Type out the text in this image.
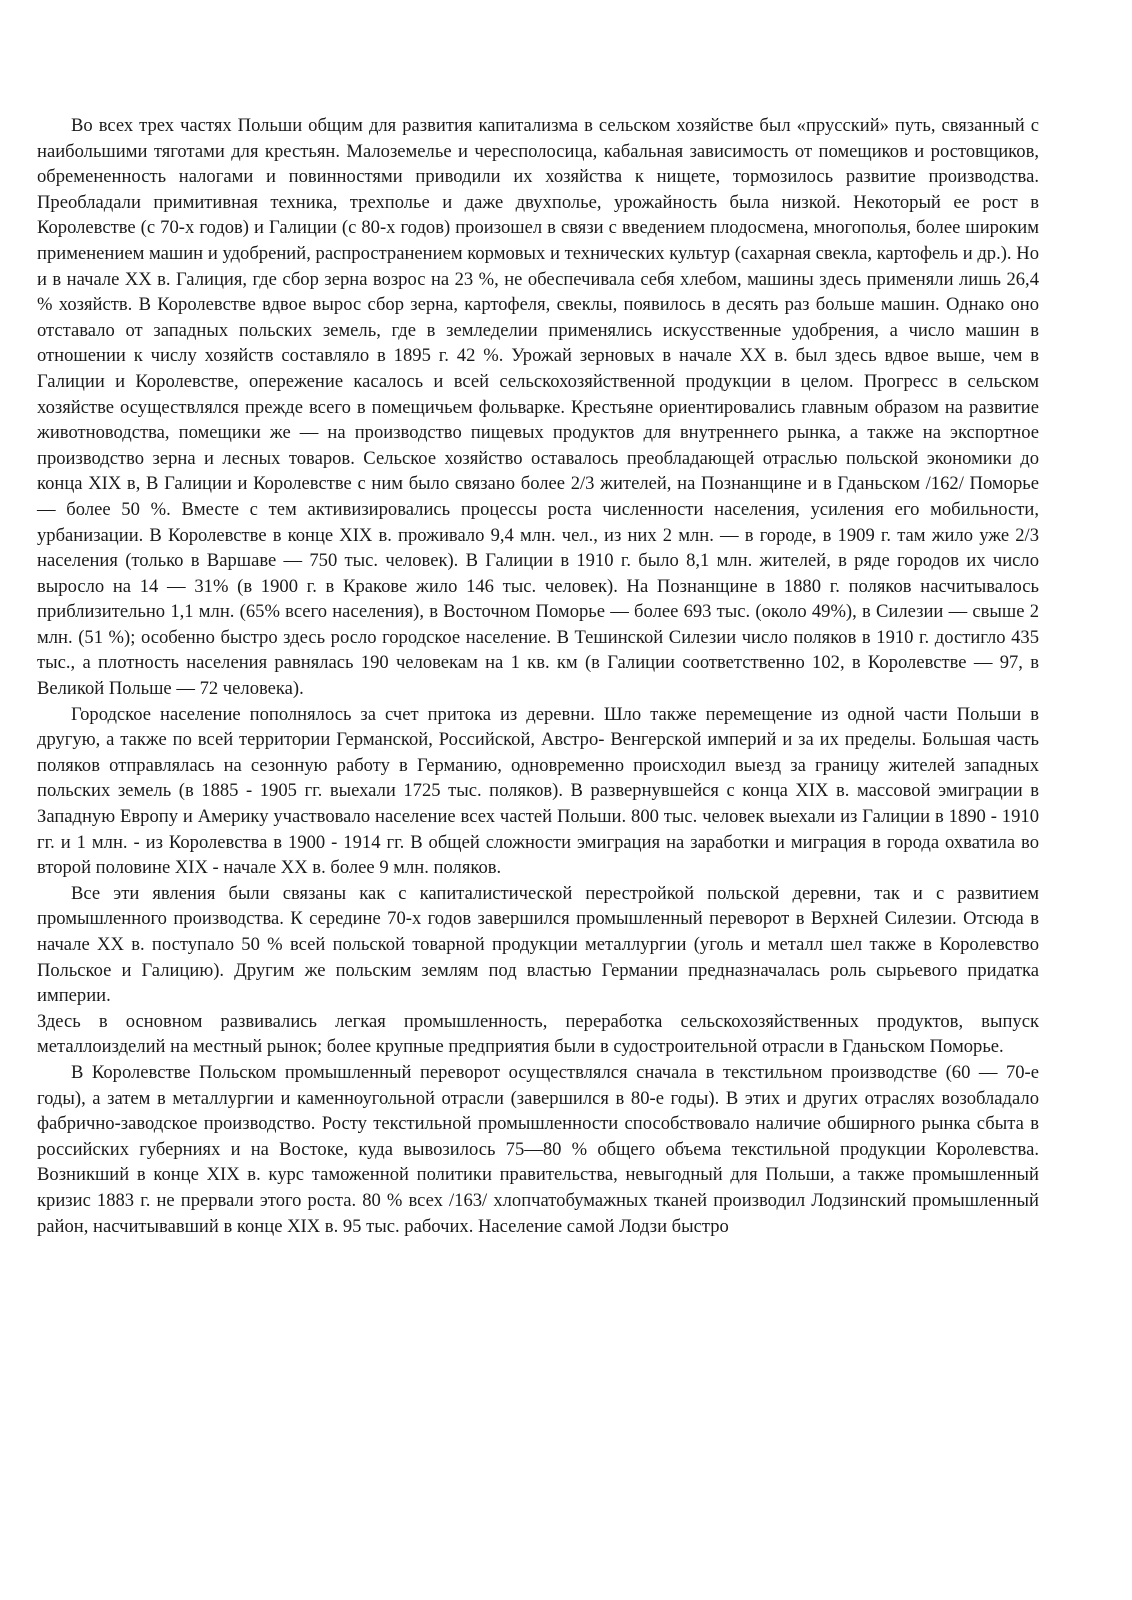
Во всех трех частях Польши общим для развития капитализма в сельском хозяйстве был «прусский» путь, связанный с наибольшими тяготами для крестьян. Малоземелье и чересполосица, кабальная зависимость от помещиков и ростовщиков, обремененность налогами и повинностями приводили их хозяйства к нищете, тормозилось развитие производства. Преобладали примитивная техника, трехполье и даже двухполье, урожайность была низкой. Некоторый ее рост в Королевстве (с 70-х годов) и Галиции (с 80-х годов) произошел в связи с введением плодосмена, многополья, более широким применением машин и удобрений, распространением кормовых и технических культур (сахарная свекла, картофель и др.). Но и в начале XX в. Галиция, где сбор зерна возрос на 23 %, не обеспечивала себя хлебом, машины здесь применяли лишь 26,4 % хозяйств. В Королевстве вдвое вырос сбор зерна, картофеля, свеклы, появилось в десять раз больше машин. Однако оно отставало от западных польских земель, где в земледелии применялись искусственные удобрения, а число машин в отношении к числу хозяйств составляло в 1895 г. 42 %. Урожай зерновых в начале XX в. был здесь вдвое выше, чем в Галиции и Королевстве, опережение касалось и всей сельскохозяйственной продукции в целом. Прогресс в сельском хозяйстве осуществлялся прежде всего в помещичьем фольварке. Крестьяне ориентировались главным образом на развитие животноводства, помещики же — на производство пищевых продуктов для внутреннего рынка, а также на экспортное производство зерна и лесных товаров. Сельское хозяйство оставалось преобладающей отраслью польской экономики до конца XIX в, В Галиции и Королевстве с ним было связано более 2/3 жителей, на Познанщине и в Гданьском /162/ Поморье — более 50 %. Вместе с тем активизировались процессы роста численности населения, усиления его мобильности, урбанизации. В Королевстве в конце XIX в. проживало 9,4 млн. чел., из них 2 млн. — в городе, в 1909 г. там жило уже 2/3 населения (только в Варшаве — 750 тыс. человек). В Галиции в 1910 г. было 8,1 млн. жителей, в ряде городов их число выросло на 14 — 31% (в 1900 г. в Кракове жило 146 тыс. человек). На Познанщине в 1880 г. поляков насчитывалось приблизительно 1,1 млн. (65% всего населения), в Восточном Поморье — более 693 тыс. (около 49%), в Силезии — свыше 2 млн. (51 %); особенно быстро здесь росло городское население. В Тешинской Силезии число поляков в 1910 г. достигло 435 тыс., а плотность населения равнялась 190 человекам на 1 кв. км (в Галиции соответственно 102, в Королевстве — 97, в Великой Польше — 72 человека).

Городское население пополнялось за счет притока из деревни. Шло также перемещение из одной части Польши в другую, а также по всей территории Германской, Российской, Австро- Венгерской империй и за их пределы. Большая часть поляков отправлялась на сезонную работу в Германию, одновременно происходил выезд за границу жителей западных польских земель (в 1885 - 1905 гг. выехали 1725 тыс. поляков). В развернувшейся с конца XIX в. массовой эмиграции в Западную Европу и Америку участвовало население всех частей Польши. 800 тыс. человек выехали из Галиции в 1890 - 1910 гг. и 1 млн. - из Королевства в 1900 - 1914 гг. В общей сложности эмиграция на заработки и миграция в города охватила во второй половине XIX - начале XX в. более 9 млн. поляков.

Все эти явления были связаны как с капиталистической перестройкой польской деревни, так и с развитием промышленного производства. К середине 70-х годов завершился промышленный переворот в Верхней Силезии. Отсюда в начале XX в. поступало 50 % всей польской товарной продукции металлургии (уголь и металл шел также в Королевство Польское и Галицию). Другим же польским землям под властью Германии предназначалась роль сырьевого придатка империи.

Здесь в основном развивались легкая промышленность, переработка сельскохозяйственных продуктов, выпуск металлоизделий на местный рынок; более крупные предприятия были в судостроительной отрасли в Гданьском Поморье.

В Королевстве Польском промышленный переворот осуществлялся сначала в текстильном производстве (60 — 70-е годы), а затем в металлургии и каменноугольной отрасли (завершился в 80-е годы). В этих и других отраслях возобладало фабрично-заводское производство. Росту текстильной промышленности способствовало наличие обширного рынка сбыта в российских губерниях и на Востоке, куда вывозилось 75—80 % общего объема текстильной продукции Королевства. Возникший в конце XIX в. курс таможенной политики правительства, невыгодный для Польши, а также промышленный кризис 1883 г. не прервали этого роста. 80 % всех /163/ хлопчатобумажных тканей производил Лодзинский промышленный район, насчитывавший в конце XIX в. 95 тыс. рабочих. Население самой Лодзи быстро
